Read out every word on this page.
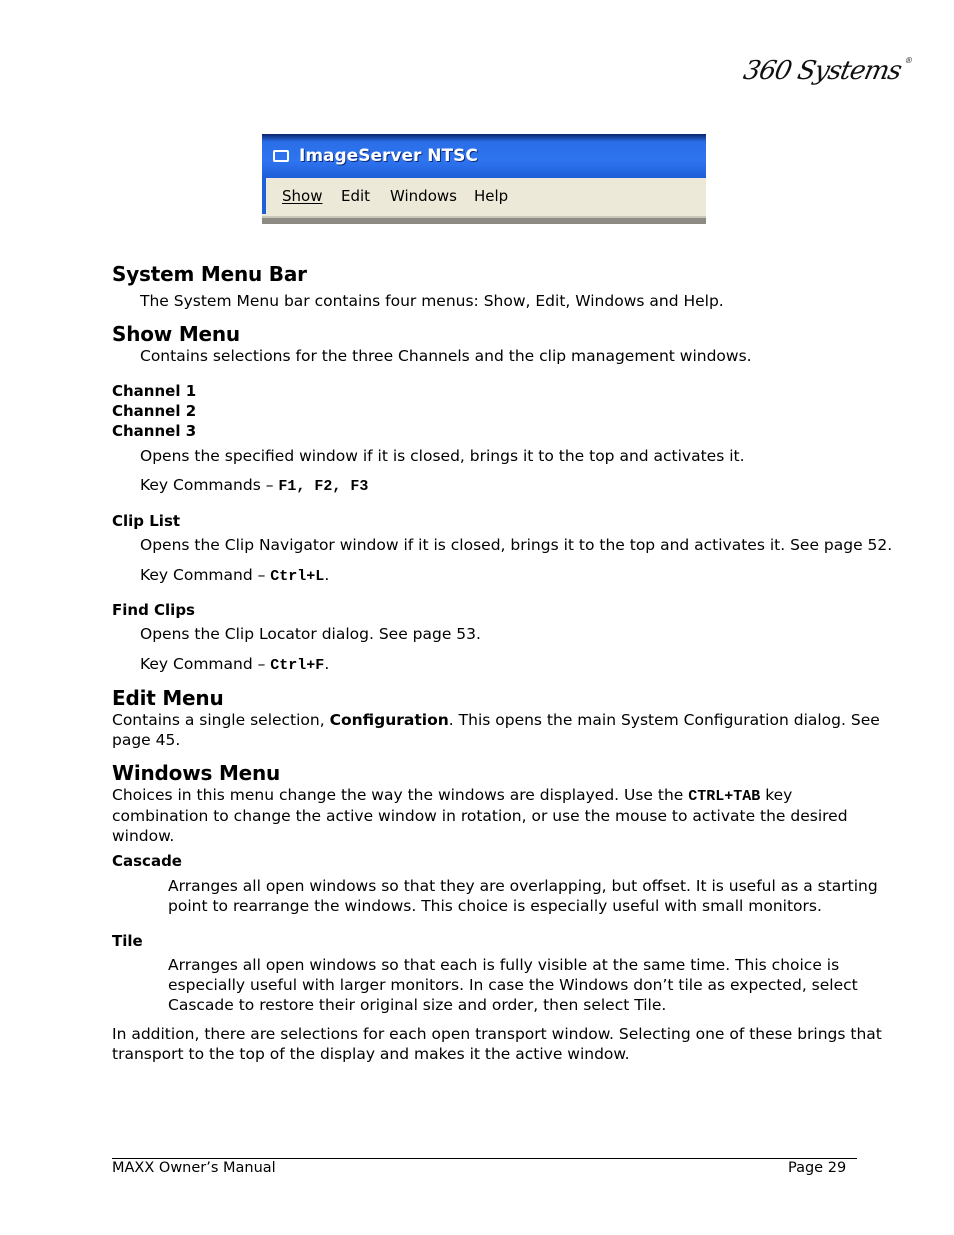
360 Systems®
ImageServer NTSC
Show Edit Windows Help
System Menu Bar
The System Menu bar contains four menus: Show, Edit, Windows and Help.
Show Menu
Contains selections for the three Channels and the clip management windows.
Channel 1
Channel 2
Channel 3
Opens the specified window if it is closed, brings it to the top and activates it.
Key Commands – F1, F2, F3
Clip List
Opens the Clip Navigator window if it is closed, brings it to the top and activates it. See page 52.
Key Command – Ctrl+L.
Find Clips
Opens the Clip Locator dialog. See page 53.
Key Command – Ctrl+F.
Edit Menu
Contains a single selection, Configuration. This opens the main System Configuration dialog. See
page 45.
Windows Menu
Choices in this menu change the way the windows are displayed. Use the CTRL+TAB key
combination to change the active window in rotation, or use the mouse to activate the desired
window.
Cascade
Arranges all open windows so that they are overlapping, but offset. It is useful as a starting
point to rearrange the windows. This choice is especially useful with small monitors.
Tile
Arranges all open windows so that each is fully visible at the same time. This choice is
especially useful with larger monitors. In case the Windows don’t tile as expected, select
Cascade to restore their original size and order, then select Tile.
In addition, there are selections for each open transport window. Selecting one of these brings that
transport to the top of the display and makes it the active window.
MAXX Owner’s Manual	Page 29
